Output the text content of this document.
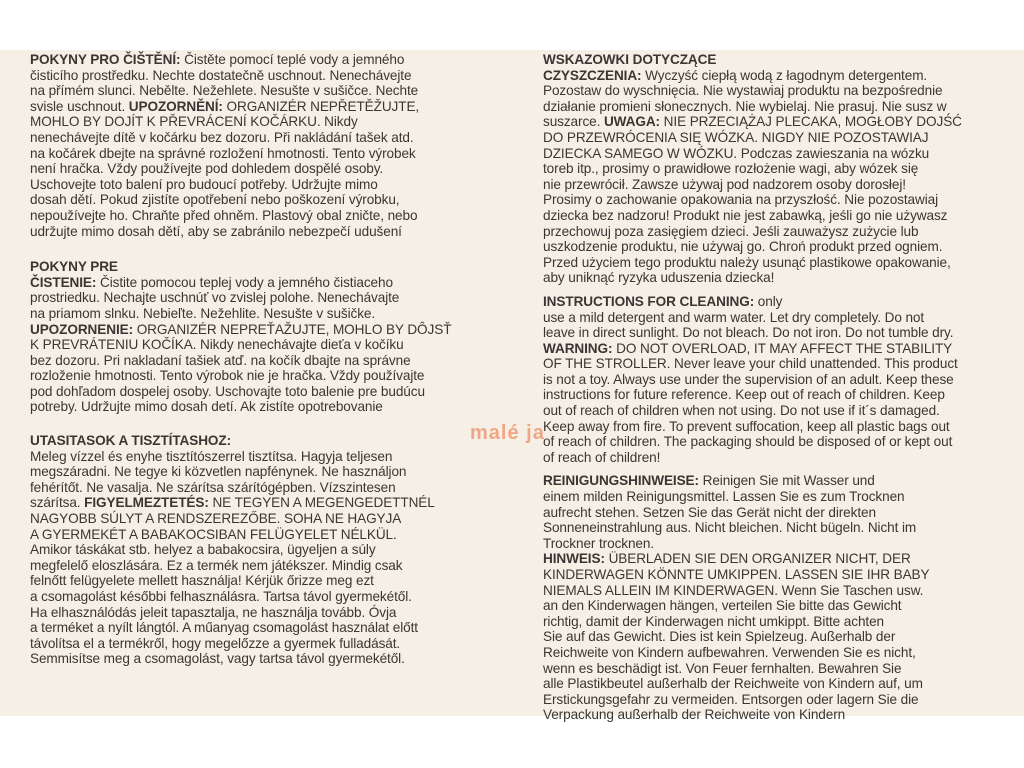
POKYNY PRO ČIŠTĚNÍ: Čistěte pomocí teplé vody a jemného
čisticího prostředku. Nechte dostatečně uschnout. Nenechávejte
na přímém slunci. Nebělte. Nežehlete. Nesušte v sušičce. Nechte
svisle uschnout. UPOZORNĚNÍ: ORGANIZÉR NEPŘETĚŽUJTE,
MOHLO BY DOJÍT K PŘEVRÁCENÍ KOČÁRKU. Nikdy
nenechávejte dítě v kočárku bez dozoru. Při nakládání tašek atd.
na kočárek dbejte na správné rozložení hmotnosti. Tento výrobek
není hračka. Vždy používejte pod dohledem dospělé osoby.
Uschovejte toto balení pro budoucí potřeby. Udržujte mimo
dosah dětí. Pokud zjistíte opotřebení nebo poškození výrobku,
nepoužívejte ho. Chraňte před ohněm. Plastový obal zničte, nebo
udržujte mimo dosah dětí, aby se zabránilo nebezpečí udušení

POKYNY PRE
ČISTENIE: Čistite pomocou teplej vody a jemného čistiaceho
prostriedku. Nechajte uschnúť vo zvislej polohe. Nenechávajte
na priamom slnku. Nebieľte. Nežehlite. Nesušte v sušičke.
UPOZORNENIE: ORGANIZÉR NEPREŤAŽUJTE, MOHLO BY DÔJSŤ
K PREVRÁTENIU KOČÍKA. Nikdy nenechávajte dieťa v kočíku
bez dozoru. Pri nakladaní tašiek atď. na kočík dbajte na správne
rozloženie hmotnosti. Tento výrobok nie je hračka. Vždy používajte
pod dohľadom dospelej osoby. Uschovajte toto balenie pre budúcu
potreby. Udržujte mimo dosah detí. Ak zistíte opotrebovanie

UTASITASOK A TISZTÍTASHOZ:
Meleg vízzel és enyhe tisztítószerrel tisztítsa. Hagyja teljesen
megszáradni. Ne tegye ki közvetlen napfénynek. Ne használjon
fehérítőt. Ne vasalja. Ne szárítsa szárítógépben. Vízszintesen
szárítsa. FIGYELMEZTETÉS: NE TEGYEN A MEGENGEDETTNÉL
NAGYOBB SÚLYT A RENDSZEREZŐBE. SOHA NE HAGYJA
A GYERMEKÉT A BABAKOCSIBAN FELÜGYELET NÉLKÜL.
Amikor táskákat stb. helyez a babakocsira, ügyeljen a súly
megfelelő eloszlására. Ez a termék nem játékszer. Mindig csak
felnőtt felügyelete mellett használja! Kérjük őrizze meg ezt
a csomagolást későbbi felhasználásra. Tartsa távol gyermekétől.
Ha elhasználódás jeleit tapasztalja, ne használja tovább. Óvja
a terméket a nyílt lángtól. A műanyag csomagolást használat előtt
távolítsa el a termékről, hogy megelőzze a gyermek fulladását.
Semmisítse meg a csomagolást, vagy tartsa távol gyermekétől.

WSKAZOWKI DOTYCZĄCE
CZYSZCZENIA: Wyczyść ciepłą wodą z łagodnym detergentem.
Pozostaw do wyschnięcia. Nie wystawiaj produktu na bezpośrednie
działanie promieni słonecznych. Nie wybielaj. Nie prasuj. Nie susz w
suszarce. UWAGA: NIE PRZECIĄŻAJ PLECAKA, MOGŁOBY DOJŚĆ
DO PRZEWRÓCENIA SIĘ WÓZKA. NIGDY NIE POZOSTAWIAJ
DZIECKA SAMEGO W WÓZKU. Podczas zawieszania na wózku
toreb itp., prosimy o prawidłowe rozłożenie wagi, aby wózek się
nie przewrócił. Zawsze używaj pod nadzorem osoby dorosłej!
Prosimy o zachowanie opakowania na przyszłość. Nie pozostawiaj
dziecka bez nadzoru! Produkt nie jest zabawką, jeśli go nie używasz
przechowuj poza zasięgiem dzieci. Jeśli zauważysz zużycie lub
uszkodzenie produktu, nie używaj go. Chroń produkt przed ogniem.
Przed użyciem tego produktu należy usunąć plastikowe opakowanie,
aby uniknąć ryzyka uduszenia dziecka!

INSTRUCTIONS FOR CLEANING: only
use a mild detergent and warm water. Let dry completely. Do not
leave in direct sunlight. Do not bleach. Do not iron. Do not tumble dry.
WARNING: DO NOT OVERLOAD, IT MAY AFFECT THE STABILITY
OF THE STROLLER. Never leave your child unattended. This product
is not a toy. Always use under the supervision of an adult. Keep these
instructions for future reference. Keep out of reach of children. Keep
out of reach of children when not using. Do not use if it´s damaged.
Keep away from fire. To prevent suffocation, keep all plastic bags out
of reach of children. The packaging should be disposed of or kept out
of reach of children!

REINIGUNGSHINWEISE: Reinigen Sie mit Wasser und
einem milden Reinigungsmittel. Lassen Sie es zum Trocknen
aufrecht stehen. Setzen Sie das Gerät nicht der direkten
Sonneneinstrahlung aus. Nicht bleichen. Nicht bügeln. Nicht im
Trockner trocknen.
HINWEIS: ÜBERLADEN SIE DEN ORGANIZER NICHT, DER
KINDERWAGEN KÖNNTE UMKIPPEN. LASSEN SIE IHR BABY
NIEMALS ALLEIN IM KINDERWAGEN. Wenn Sie Taschen usw.
an den Kinderwagen hängen, verteilen Sie bitte das Gewicht
richtig, damit der Kinderwagen nicht umkippt. Bitte achten
Sie auf das Gewicht. Dies ist kein Spielzeug. Außerhalb der
Reichweite von Kindern aufbewahren. Verwenden Sie es nicht,
wenn es beschädigt ist. Von Feuer fernhalten. Bewahren Sie
alle Plastikbeutel außerhalb der Reichweite von Kindern auf, um
Erstickungsgefahr zu vermeiden. Entsorgen oder lagern Sie die
Verpackung außerhalb der Reichweite von Kindern

malé ja
